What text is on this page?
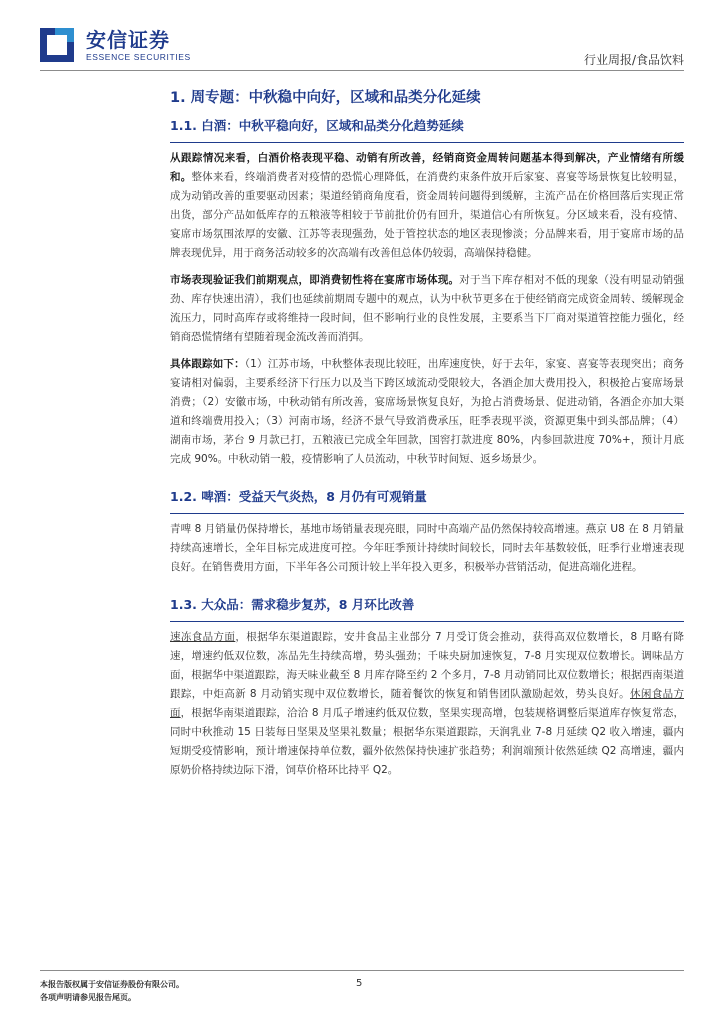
安信证券
ESSENCE SECURITIES	行业周报/食品饮料
1. 周专题：中秋稳中向好，区域和品类分化延续
1.1. 白酒：中秋平稳向好，区域和品类分化趋势延续

从跟踪情况来看，白酒价格表现平稳、动销有所改善，经销商资金周转问题基本得到解决，产业情绪有所缓和。整体来看，终端消费者对疫情的恐慌心理降低，在消费约束条件放开后家宴、喜宴等场景恢复比较明显，成为动销改善的重要驱动因素；渠道经销商角度看，资金周转问题得到缓解，主流产品在价格回落后实现正常出货，部分产品如低库存的五粮液等相较于节前批价仍有回升，渠道信心有所恢复。分区域来看，没有疫情、宴席市场氛围浓厚的安徽、江苏等表现强劲，处于管控状态的地区表现惨淡；分品牌来看，用于宴席市场的品牌表现优异，用于商务活动较多的次高端有改善但总体仍较弱，高端保持稳健。

市场表现验证我们前期观点，即消费韧性将在宴席市场体现。对于当下库存相对不低的现象（没有明显动销强劲、库存快速出清），我们也延续前期周专题中的观点，认为中秋节更多在于使经销商完成资金周转、缓解现金流压力，同时高库存或将维持一段时间，但不影响行业的良性发展，主要系当下厂商对渠道管控能力强化，经销商恐慌情绪有望随着现金流改善而消弭。

具体跟踪如下：（1）江苏市场，中秋整体表现比较旺，出库速度快，好于去年，家宴、喜宴等表现突出；商务宴请相对偏弱，主要系经济下行压力以及当下跨区域流动受限较大，各酒企加大费用投入，积极抢占宴席场景消费；（2）安徽市场，中秋动销有所改善，宴席场景恢复良好，为抢占消费场景、促进动销，各酒企亦加大渠道和终端费用投入；（3）河南市场，经济不景气导致消费承压，旺季表现平淡，资源更集中到头部品牌；（4）湖南市场，茅台 9 月款已打，五粮液已完成全年回款，国窖打款进度 80%，内参回款进度 70%+，预计月底完成 90%。中秋动销一般，疫情影响了人员流动，中秋节时间短、返乡场景少。

1.2. 啤酒：受益天气炎热，8 月仍有可观销量

青啤 8 月销量仍保持增长，基地市场销量表现亮眼，同时中高端产品仍然保持较高增速。燕京 U8 在 8 月销量持续高速增长，全年目标完成进度可控。今年旺季预计持续时间较长，同时去年基数较低，旺季行业增速表现良好。在销售费用方面，下半年各公司预计较上半年投入更多，积极举办营销活动，促进高端化进程。

1.3. 大众品：需求稳步复苏，8 月环比改善

速冻食品方面，根据华东渠道跟踪，安井食品主业部分 7 月受订货会推动，获得高双位数增长，8 月略有降速，增速约低双位数，冻品先生持续高增，势头强劲；千味央厨加速恢复，7-8 月实现双位数增长。调味品方面，根据华中渠道跟踪，海天味业截至 8 月库存降至约 2 个多月，7-8 月动销同比双位数增长；根据西南渠道跟踪，中炬高新 8 月动销实现中双位数增长，随着餐饮的恢复和销售团队激励起效，势头良好。休闲食品方面，根据华南渠道跟踪，洽洽 8 月瓜子增速约低双位数，坚果实现高增，包装规格调整后渠道库存恢复常态，同时中秋推动 15 日装每日坚果及坚果礼数量；根据华东渠道跟踪，天润乳业 7-8 月延续 Q2 收入增速，疆内短期受疫情影响，预计增速保持单位数，疆外依然保持快速扩张趋势；利润端预计依然延续 Q2 高增速，疆内原奶价格持续边际下滑，饲草价格环比持平 Q2。

本报告版权属于安信证券股份有限公司。
各项声明请参见报告尾页。
5
